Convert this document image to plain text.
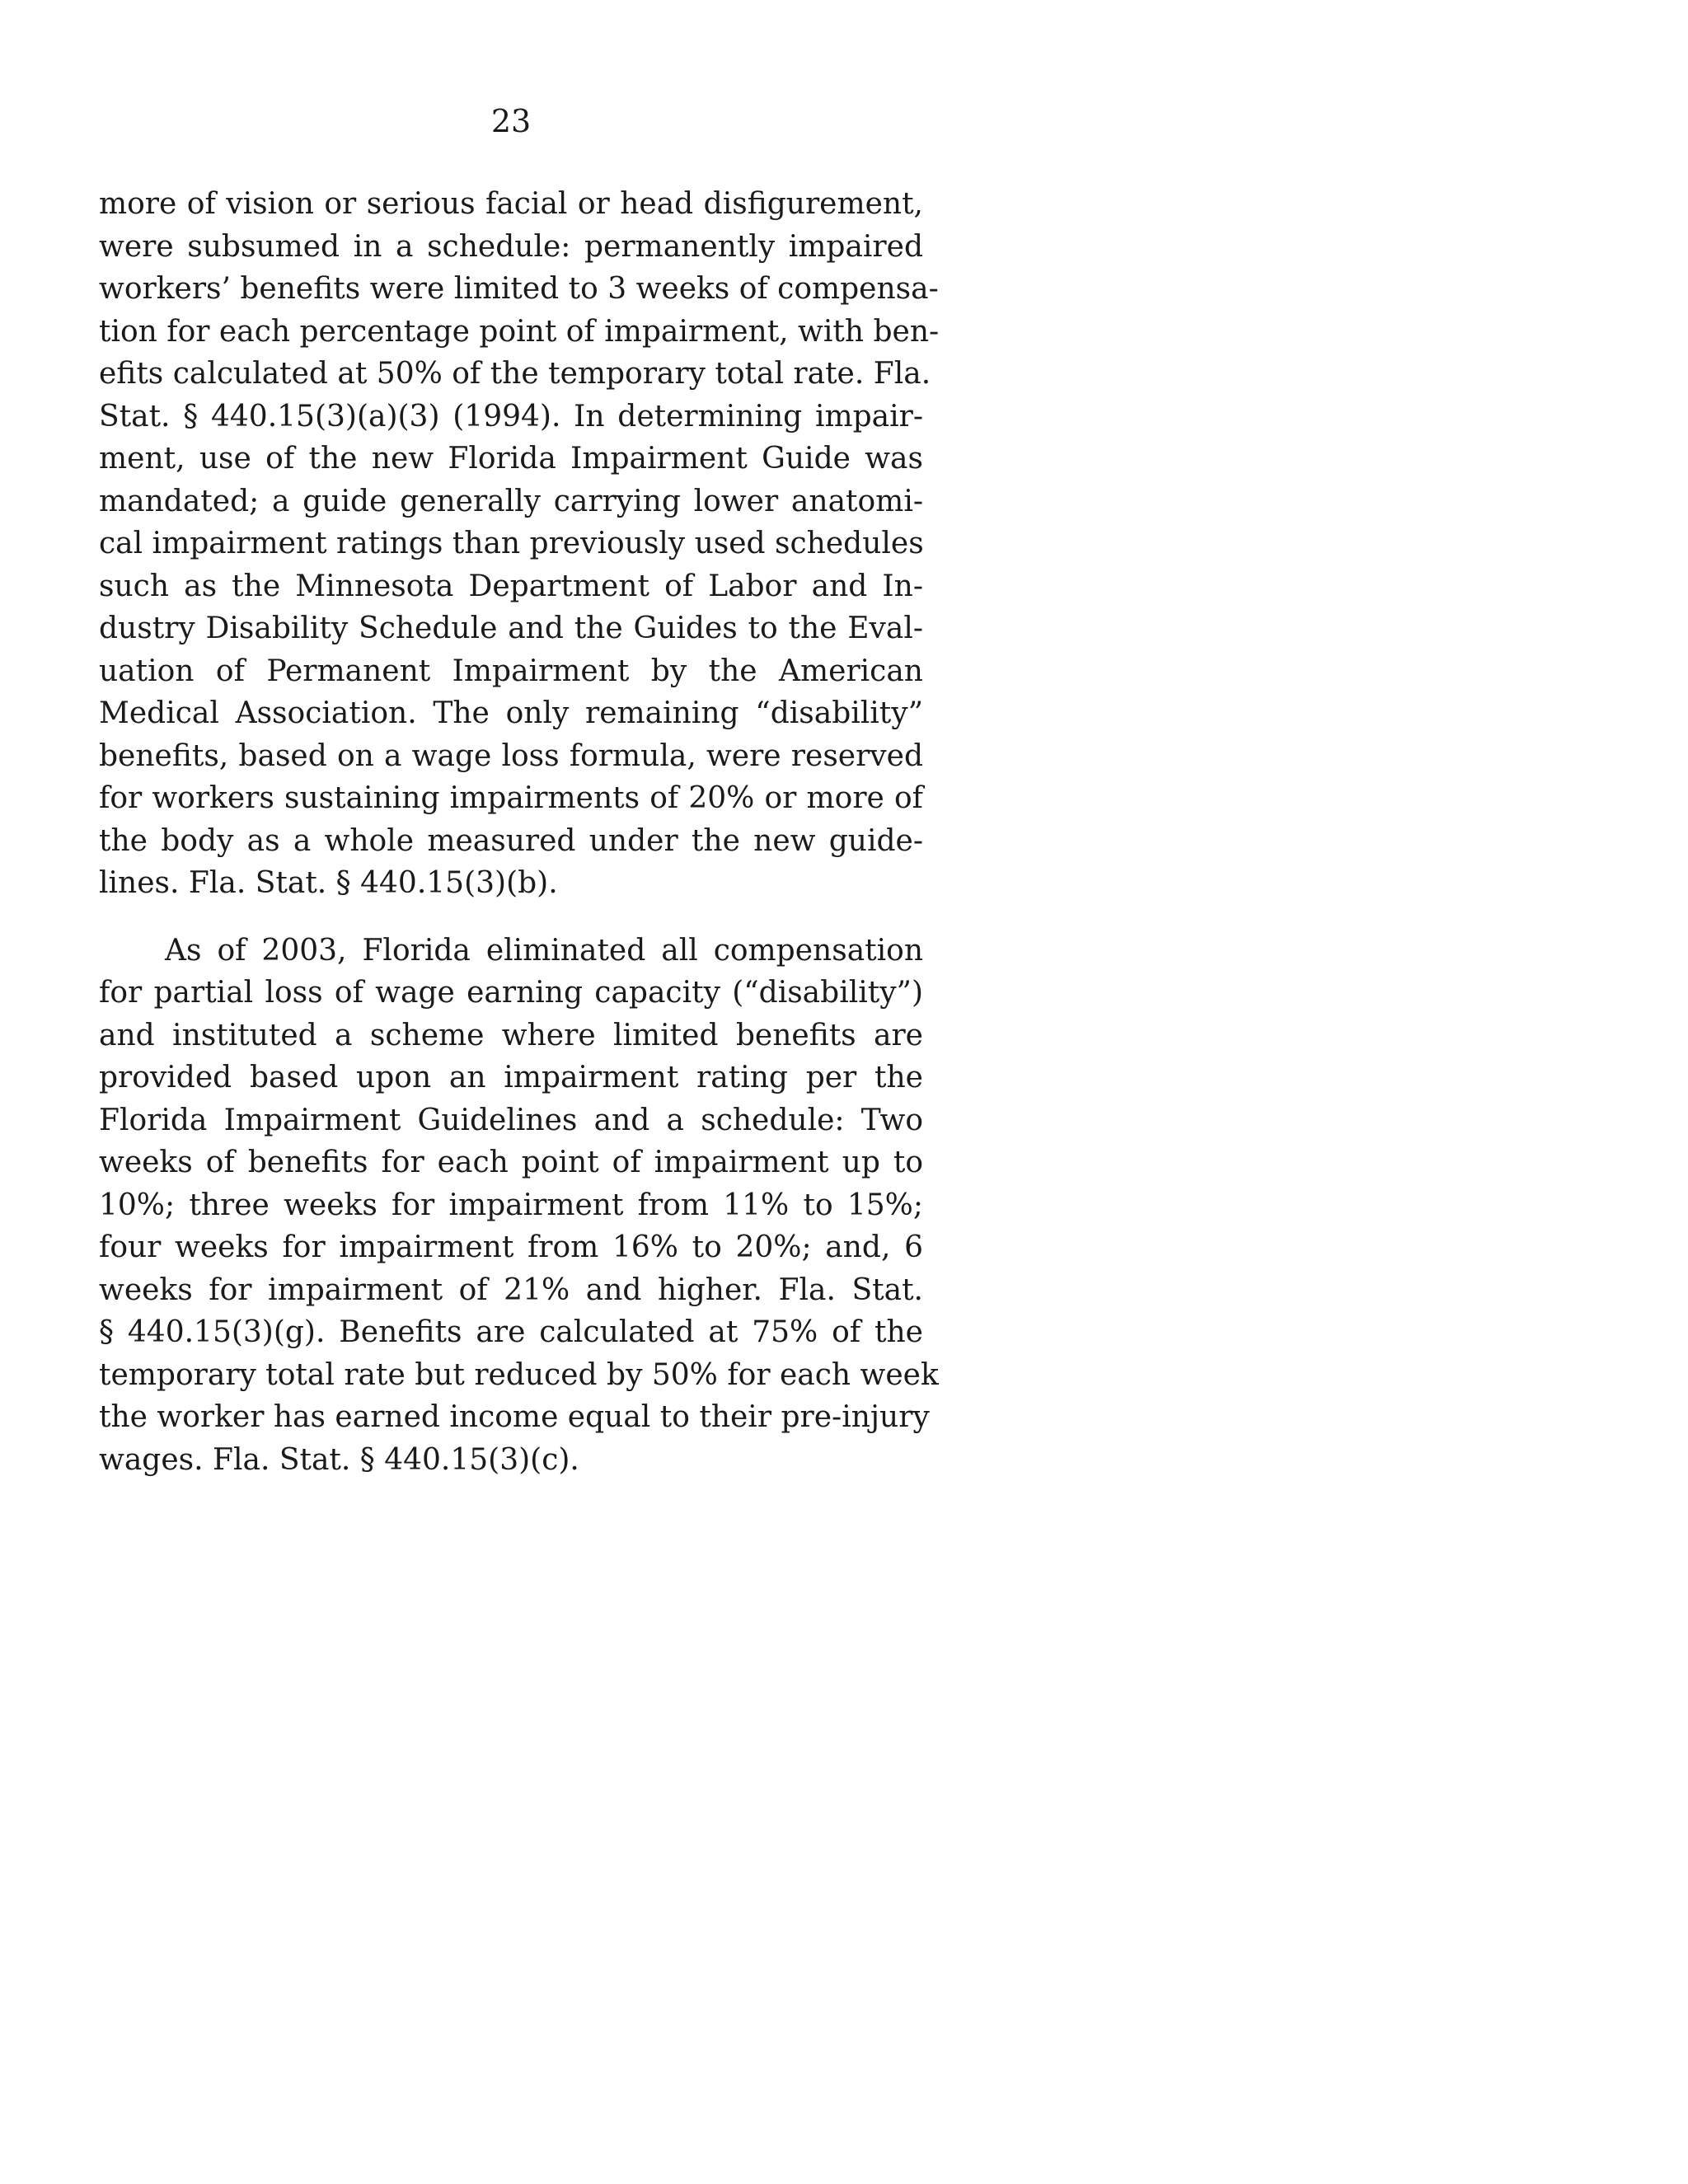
23
more of vision or serious facial or head disfigurement,
were subsumed in a schedule: permanently impaired
workers’ benefits were limited to 3 weeks of compensa-
tion for each percentage point of impairment, with ben-
efits calculated at 50% of the temporary total rate. Fla.
Stat. § 440.15(3)(a)(3) (1994). In determining impair-
ment, use of the new Florida Impairment Guide was
mandated; a guide generally carrying lower anatomi-
cal impairment ratings than previously used schedules
such as the Minnesota Department of Labor and In-
dustry Disability Schedule and the Guides to the Eval-
uation of Permanent Impairment by the American
Medical Association. The only remaining “disability”
benefits, based on a wage loss formula, were reserved
for workers sustaining impairments of 20% or more of
the body as a whole measured under the new guide-
lines. Fla. Stat. § 440.15(3)(b).
As of 2003, Florida eliminated all compensation
for partial loss of wage earning capacity (“disability”)
and instituted a scheme where limited benefits are
provided based upon an impairment rating per the
Florida Impairment Guidelines and a schedule: Two
weeks of benefits for each point of impairment up to
10%; three weeks for impairment from 11% to 15%;
four weeks for impairment from 16% to 20%; and, 6
weeks for impairment of 21% and higher. Fla. Stat.
§ 440.15(3)(g). Benefits are calculated at 75% of the
temporary total rate but reduced by 50% for each week
the worker has earned income equal to their pre-injury
wages. Fla. Stat. § 440.15(3)(c).
